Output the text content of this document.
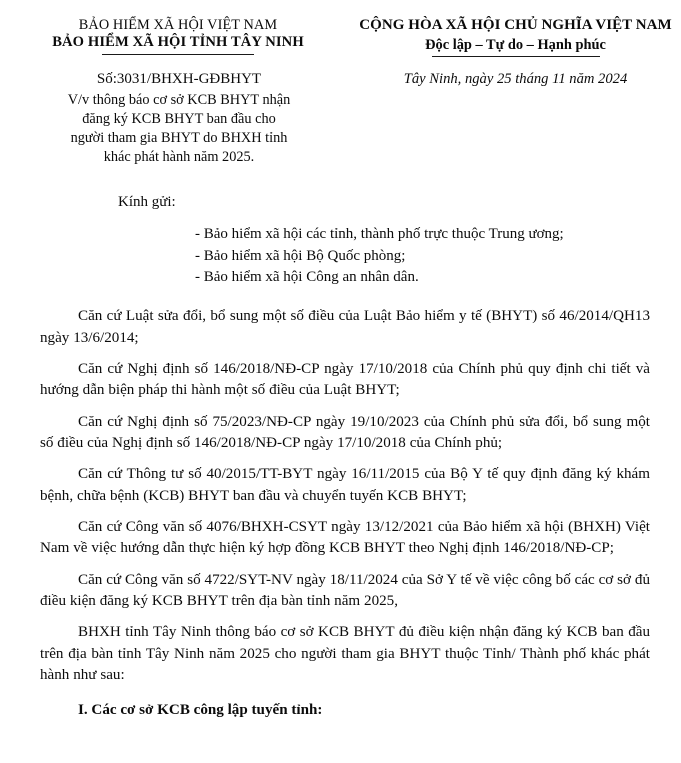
BẢO HIỂM XÃ HỘI VIỆT NAM
BẢO HIỂM XÃ HỘI TỈNH TÂY NINH
CỘNG HÒA XÃ HỘI CHỦ NGHĨA VIỆT NAM
Độc lập – Tự do – Hạnh phúc
Số:3031/BHXH-GĐBHYT
V/v thông báo cơ sở KCB BHYT nhận
đăng ký KCB BHYT ban đầu cho
người tham gia BHYT do BHXH tỉnh
khác phát hành năm 2025.
Tây Ninh, ngày 25 tháng 11 năm 2024
Kính gửi:
- Bảo hiểm xã hội các tỉnh, thành phố trực thuộc Trung ương;
- Bảo hiểm xã hội Bộ Quốc phòng;
- Bảo hiểm xã hội Công an nhân dân.

Căn cứ Luật sửa đổi, bổ sung một số điều của Luật Bảo hiểm y tế (BHYT) số 46/2014/QH13 ngày 13/6/2014;

Căn cứ Nghị định số 146/2018/NĐ-CP ngày 17/10/2018 của Chính phủ quy định chi tiết và hướng dẫn biện pháp thi hành một số điều của Luật BHYT;

Căn cứ Nghị định số 75/2023/NĐ-CP ngày 19/10/2023 của Chính phủ sửa đổi, bổ sung một số điều của Nghị định số 146/2018/NĐ-CP ngày 17/10/2018 của Chính phủ;

Căn cứ Thông tư số 40/2015/TT-BYT ngày 16/11/2015 của Bộ Y tế quy định đăng ký khám bệnh, chữa bệnh (KCB) BHYT ban đầu và chuyển tuyến KCB BHYT;

Căn cứ Công văn số 4076/BHXH-CSYT ngày 13/12/2021 của Bảo hiểm xã hội (BHXH) Việt Nam về việc hướng dẫn thực hiện ký hợp đồng KCB BHYT theo Nghị định 146/2018/NĐ-CP;

Căn cứ Công văn số 4722/SYT-NV ngày 18/11/2024 của Sở Y tế về việc công bố các cơ sở đủ điều kiện đăng ký KCB BHYT trên địa bàn tỉnh năm 2025,

BHXH tỉnh Tây Ninh thông báo cơ sở KCB BHYT đủ điều kiện nhận đăng ký KCB ban đầu trên địa bàn tỉnh Tây Ninh năm 2025 cho người tham gia BHYT thuộc Tỉnh/ Thành phố khác phát hành như sau:

I. Các cơ sở KCB công lập tuyến tỉnh:
